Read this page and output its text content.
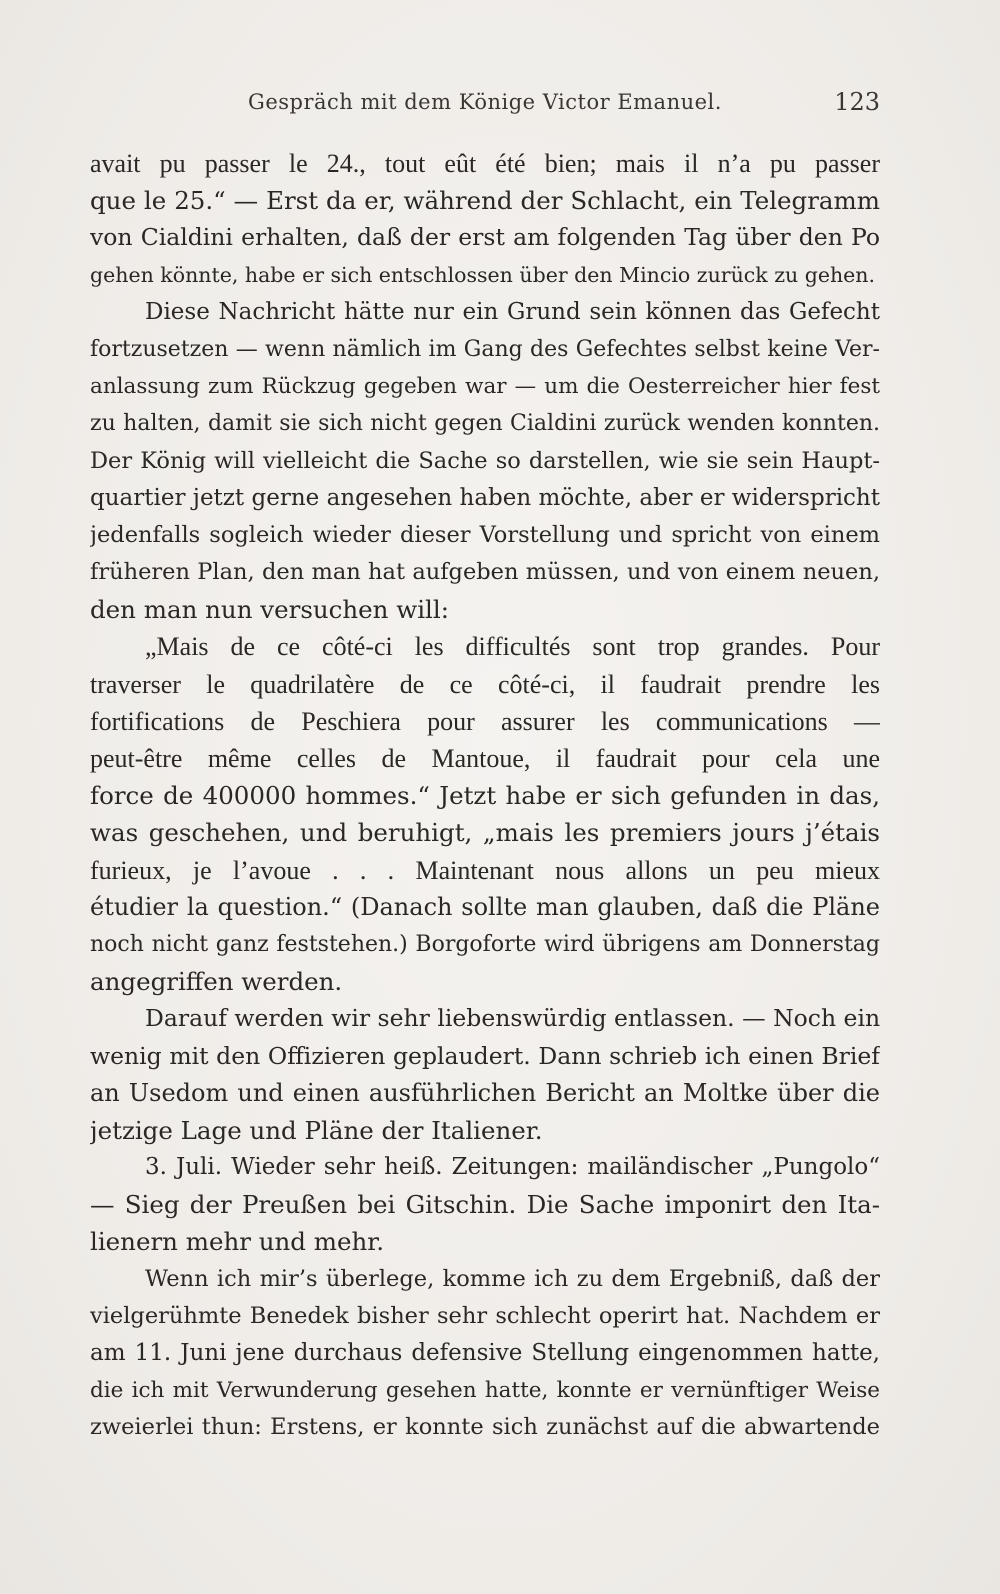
Gespräch mit dem Könige Victor Emanuel.	123
avait pu passer le 24., tout eût été bien; mais il n’a pu passer
que le 25.“ — Erst da er, während der Schlacht, ein Telegramm
von Cialdini erhalten, daß der erst am folgenden Tag über den Po
gehen könnte, habe er sich entschlossen über den Mincio zurück zu gehen.
Diese Nachricht hätte nur ein Grund sein können das Gefecht
fortzusetzen — wenn nämlich im Gang des Gefechtes selbst keine Ver-
anlassung zum Rückzug gegeben war — um die Oesterreicher hier fest
zu halten, damit sie sich nicht gegen Cialdini zurück wenden konnten.
Der König will vielleicht die Sache so darstellen, wie sie sein Haupt-
quartier jetzt gerne angesehen haben möchte, aber er widerspricht
jedenfalls sogleich wieder dieser Vorstellung und spricht von einem
früheren Plan, den man hat aufgeben müssen, und von einem neuen,
den man nun versuchen will:
„Mais de ce côté-ci les difficultés sont trop grandes. Pour
traverser le quadrilatère de ce côté-ci, il faudrait prendre les
fortifications de Peschiera pour assurer les communications —
peut-être même celles de Mantoue, il faudrait pour cela une
force de 400000 hommes.“ Jetzt habe er sich gefunden in das,
was geschehen, und beruhigt, „mais les premiers jours j’étais
furieux, je l’avoue . . . Maintenant nous allons un peu mieux
étudier la question.“ (Danach sollte man glauben, daß die Pläne
noch nicht ganz feststehen.) Borgoforte wird übrigens am Donnerstag
angegriffen werden.
Darauf werden wir sehr liebenswürdig entlassen. — Noch ein
wenig mit den Offizieren geplaudert. Dann schrieb ich einen Brief
an Usedom und einen ausführlichen Bericht an Moltke über die
jetzige Lage und Pläne der Italiener.
3. Juli. Wieder sehr heiß. Zeitungen: mailändischer „Pungolo“
— Sieg der Preußen bei Gitschin. Die Sache imponirt den Ita-
lienern mehr und mehr.
Wenn ich mir’s überlege, komme ich zu dem Ergebniß, daß der
vielgerühmte Benedek bisher sehr schlecht operirt hat. Nachdem er
am 11. Juni jene durchaus defensive Stellung eingenommen hatte,
die ich mit Verwunderung gesehen hatte, konnte er vernünftiger Weise
zweierlei thun: Erstens, er konnte sich zunächst auf die abwartende
